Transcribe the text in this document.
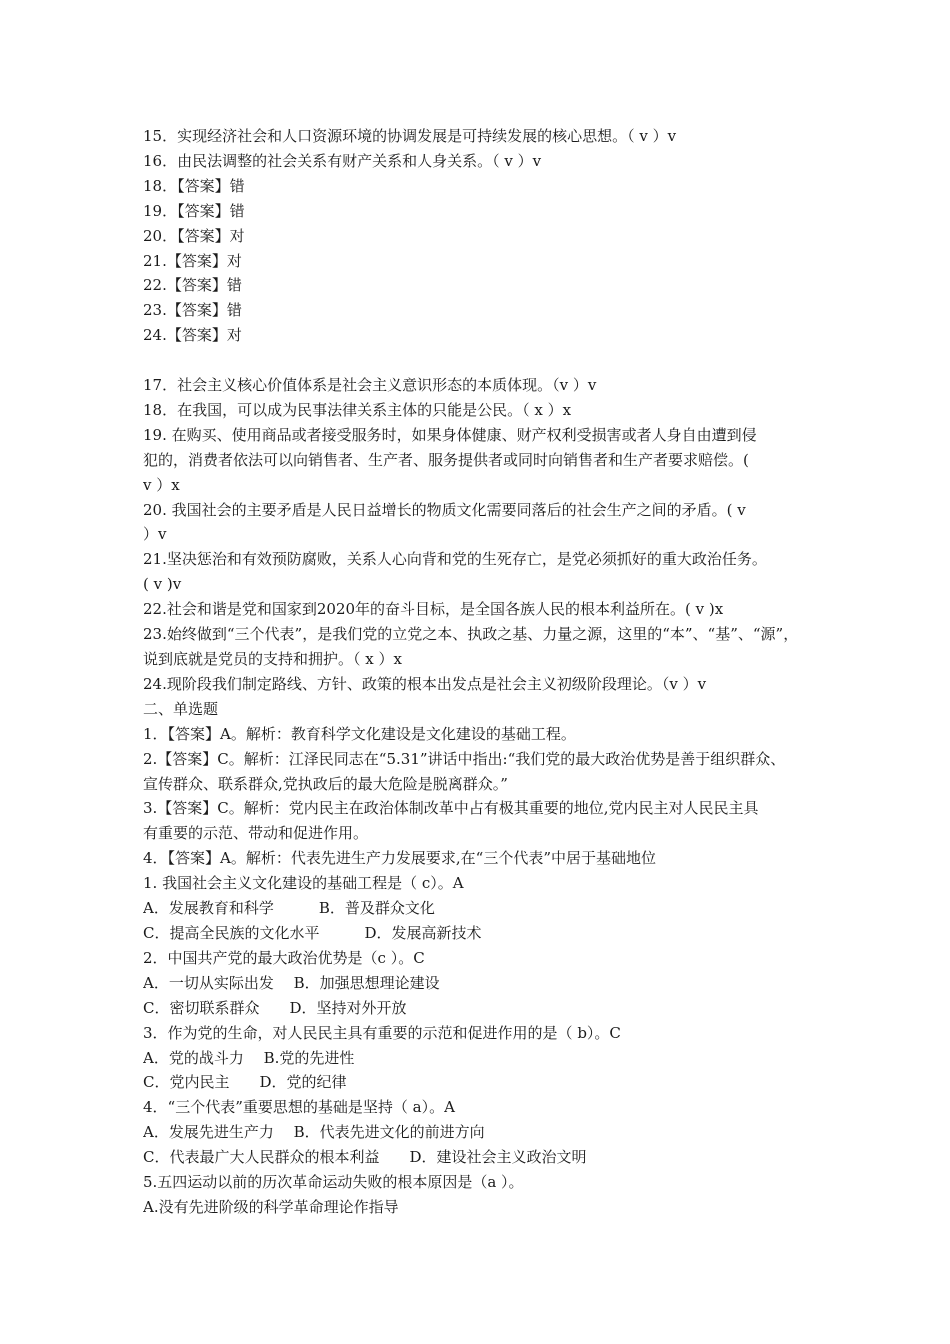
15．实现经济社会和人口资源环境的协调发展是可持续发展的核心思想。（ v ）v
16．由民法调整的社会关系有财产关系和人身关系。（ v ）v
18．【答案】错
19．【答案】错
20．【答案】对
21.【答案】对
22.【答案】错
23.【答案】错
24.【答案】对
17．社会主义核心价值体系是社会主义意识形态的本质体现。（v ）v
18．在我国，可以成为民事法律关系主体的只能是公民。（ x ）x
19. 在购买、使用商品或者接受服务时，如果身体健康、财产权利受损害或者人身自由遭到侵
犯的，消费者依法可以向销售者、生产者、服务提供者或同时向销售者和生产者要求赔偿。(
v ）x
20. 我国社会的主要矛盾是人民日益增长的物质文化需要同落后的社会生产之间的矛盾。( v
）v
21.坚决惩治和有效预防腐败，关系人心向背和党的生死存亡，是党必须抓好的重大政治任务。
( v )v
22.社会和谐是党和国家到2020年的奋斗目标，是全国各族人民的根本利益所在。( v )x
23.始终做到“三个代表”，是我们党的立党之本、执政之基、力量之源，这里的“本”、“基”、“源”，
说到底就是党员的支持和拥护。（ x ）x
24.现阶段我们制定路线、方针、政策的根本出发点是社会主义初级阶段理论。（v ）v
二、单选题
1．【答案】A。解析：教育科学文化建设是文化建设的基础工程。
2.【答案】C。解析：江泽民同志在“5.31”讲话中指出:“我们党的最大政治优势是善于组织群众、
宣传群众、联系群众,党执政后的最大危险是脱离群众。”
3.【答案】C。解析：党内民主在政治体制改革中占有极其重要的地位,党内民主对人民民主具
有重要的示范、带动和促进作用。
4．【答案】A。解析：代表先进生产力发展要求,在“三个代表”中居于基础地位
1. 我国社会主义文化建设的基础工程是（ c）。A
A．发展教育和科学　　　B．普及群众文化
C．提高全民族的文化水平　　　D．发展高新技术
2．中国共产党的最大政治优势是（c ）。C
A．一切从实际出发　 B．加强思想理论建设
C．密切联系群众　　D．坚持对外开放
3．作为党的生命，对人民民主具有重要的示范和促进作用的是（ b）。C
A．党的战斗力　 B.党的先进性
C．党内民主　　D．党的纪律
4．“三个代表”重要思想的基础是坚持（ a）。A
A．发展先进生产力　 B．代表先进文化的前进方向
C．代表最广大人民群众的根本利益　　D．建设社会主义政治文明
5.五四运动以前的历次革命运动失败的根本原因是（a ）。
A.没有先进阶级的科学革命理论作指导
